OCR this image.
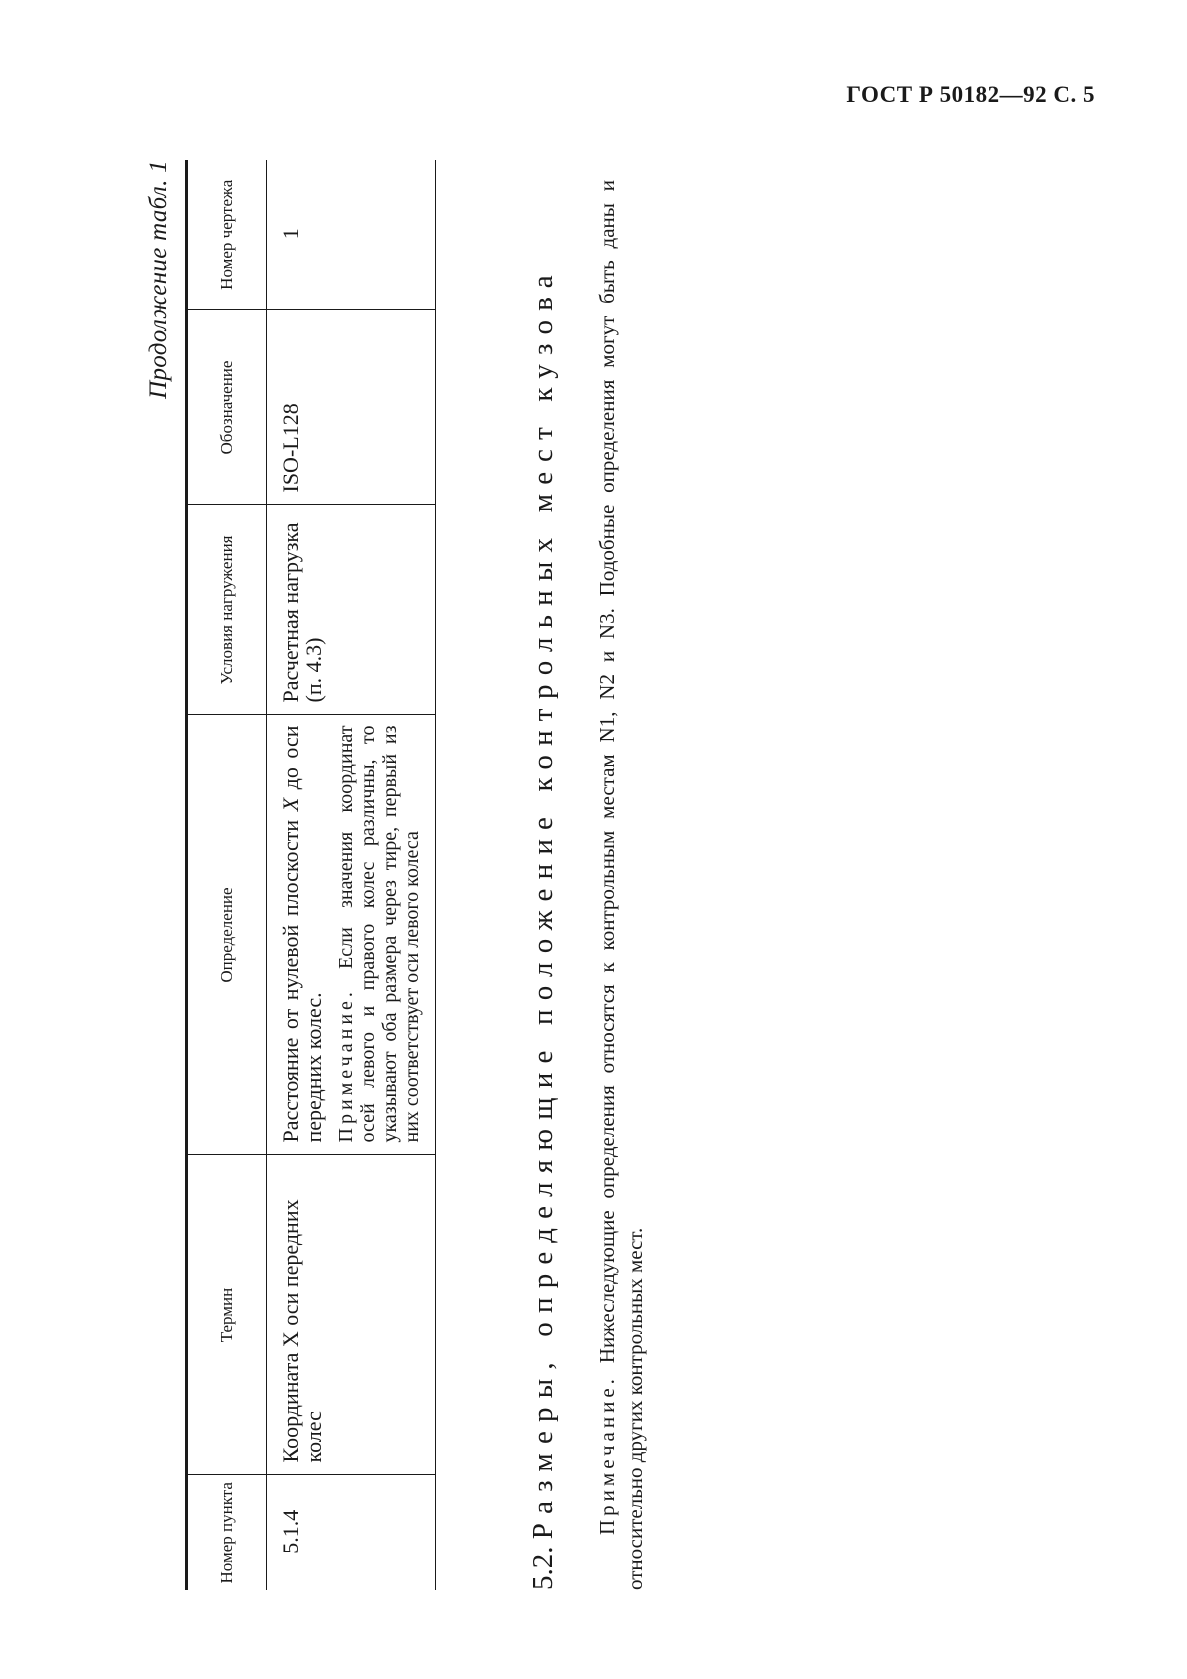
ГОСТ Р 50182—92 С. 5
Продолжение табл. 1
Номер пункта	Термин	Определение	Условия нагружения	Обозначение	Номер чертежа
5.1.4	Координата X оси передних колес	Расстояние от нулевой плоскости X до оси передних колес. Примечание. Если значения координат осей левого и правого колес различны, то указывают оба размера через тире, первый из них соответствует оси левого колеса	Расчетная нагрузка (п. 4.3)	ISO-L128	1
5.2. Размеры, определяющие положение контрольных мест кузова Примечание. Нижеследующие определения относятся к контрольным местам N1, N2 и N3. Подобные определения могут быть даны и относительно других контрольных мест.
